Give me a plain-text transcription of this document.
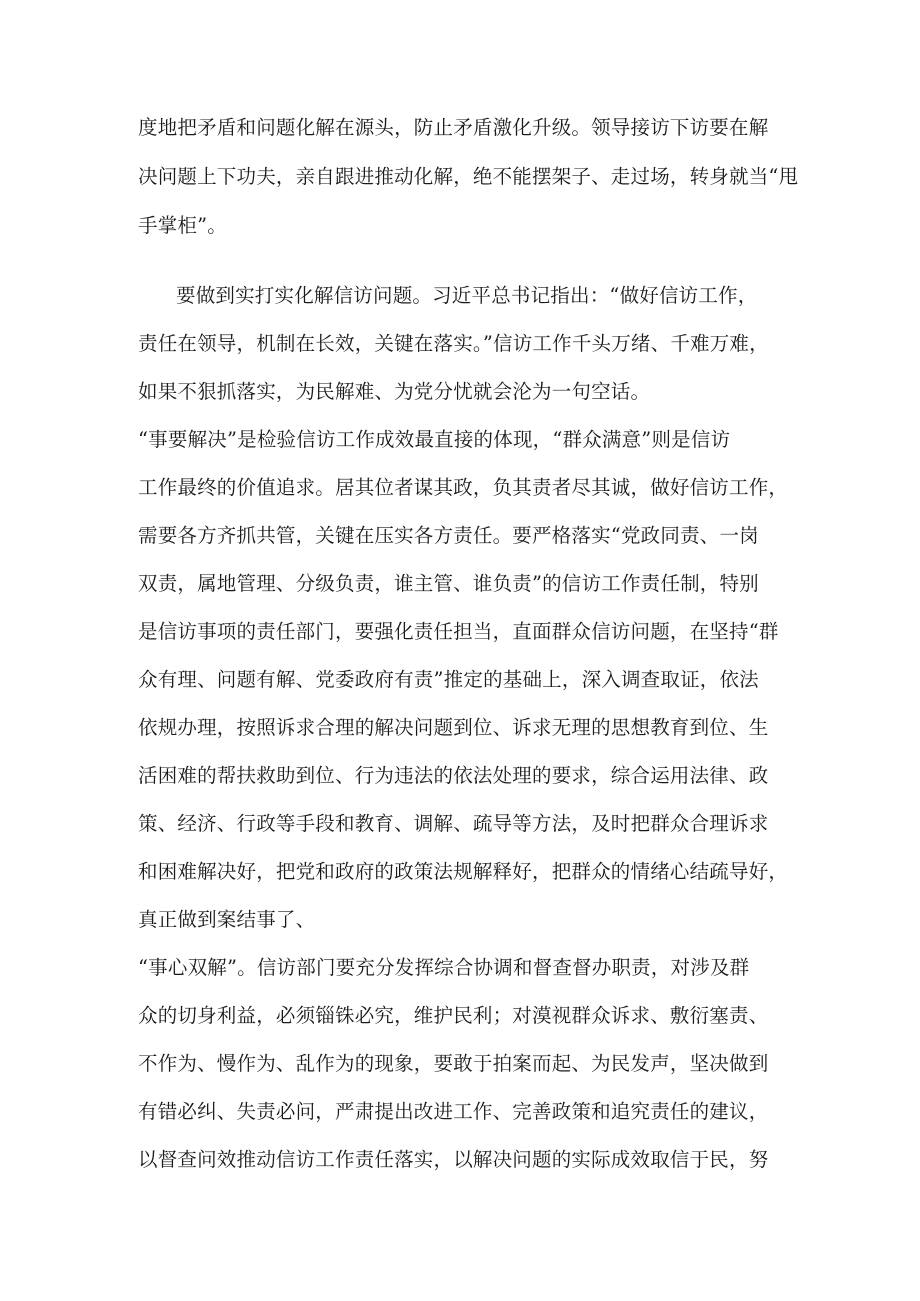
度地把矛盾和问题化解在源头，防止矛盾激化升级。领导接访下访要在解
决问题上下功夫，亲自跟进推动化解，绝不能摆架子、走过场，转身就当“甩
手掌柜”。
要做到实打实化解信访问题。习近平总书记指出：“做好信访工作，
责任在领导，机制在长效，关键在落实。”信访工作千头万绪、千难万难，
如果不狠抓落实，为民解难、为党分忧就会沦为一句空话。
“事要解决”是检验信访工作成效最直接的体现，“群众满意”则是信访
工作最终的价值追求。居其位者谋其政，负其责者尽其诚，做好信访工作，
需要各方齐抓共管，关键在压实各方责任。要严格落实“党政同责、一岗
双责，属地管理、分级负责，谁主管、谁负责”的信访工作责任制，特别
是信访事项的责任部门，要强化责任担当，直面群众信访问题，在坚持“群
众有理、问题有解、党委政府有责”推定的基础上，深入调查取证，依法
依规办理，按照诉求合理的解决问题到位、诉求无理的思想教育到位、生
活困难的帮扶救助到位、行为违法的依法处理的要求，综合运用法律、政
策、经济、行政等手段和教育、调解、疏导等方法，及时把群众合理诉求
和困难解决好，把党和政府的政策法规解释好，把群众的情绪心结疏导好，
真正做到案结事了、
“事心双解”。信访部门要充分发挥综合协调和督查督办职责，对涉及群
众的切身利益，必须锱铢必究，维护民利；对漠视群众诉求、敷衍塞责、
不作为、慢作为、乱作为的现象，要敢于拍案而起、为民发声，坚决做到
有错必纠、失责必问，严肃提出改进工作、完善政策和追究责任的建议，
以督查问效推动信访工作责任落实，以解决问题的实际成效取信于民，努
